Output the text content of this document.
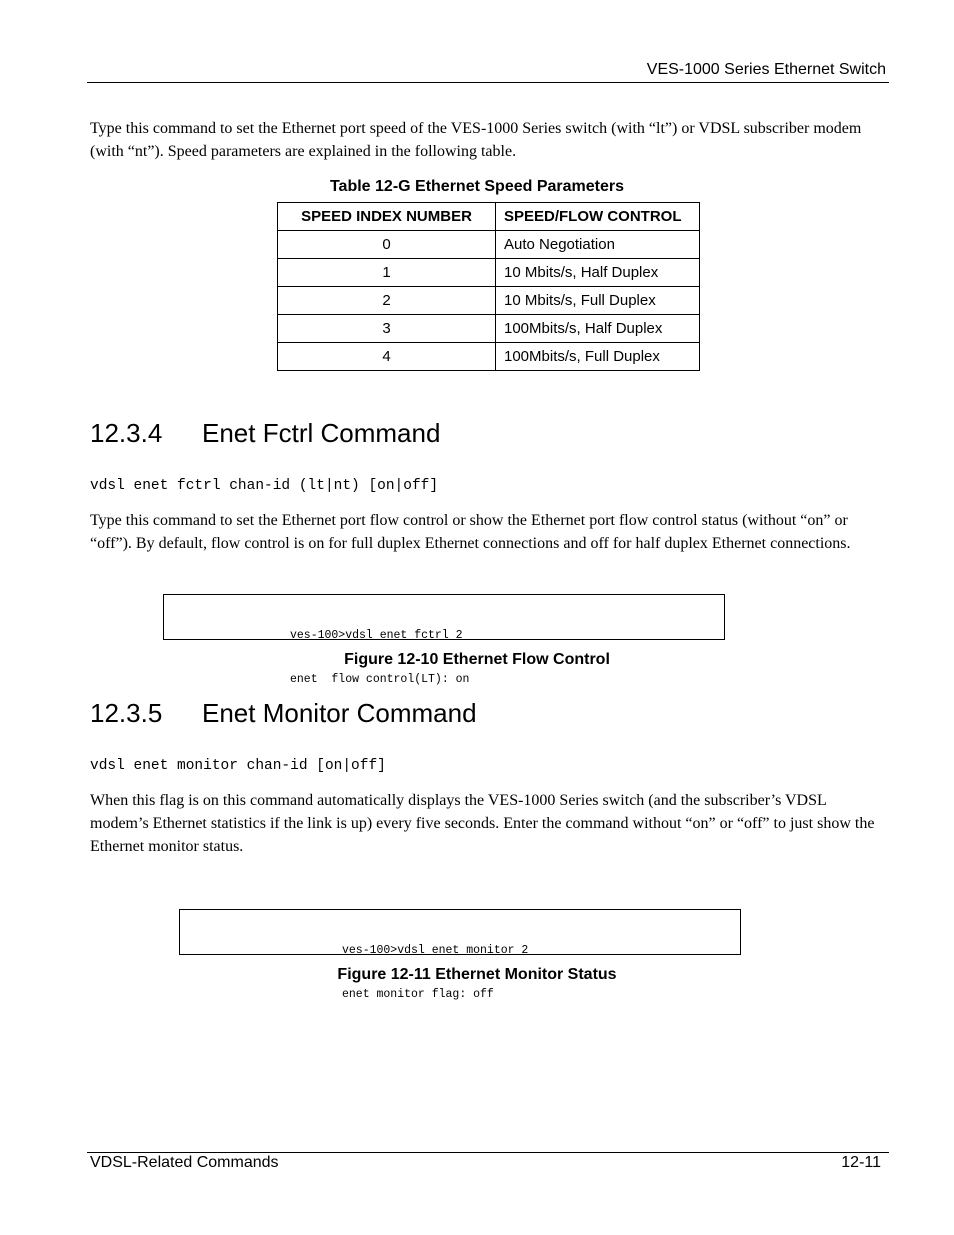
VES-1000 Series Ethernet Switch

Type this command to set the Ethernet port speed of the VES-1000 Series switch (with “lt”) or VDSL subscriber modem (with “nt”). Speed parameters are explained in the following table.

Table 12-G Ethernet Speed Parameters

SPEED INDEX NUMBER	SPEED/FLOW CONTROL
0	Auto Negotiation
1	10 Mbits/s, Half Duplex
2	10 Mbits/s, Full Duplex
3	100Mbits/s, Half Duplex
4	100Mbits/s, Full Duplex
12.3.4 Enet Fctrl Command

vdsl enet fctrl chan-id (lt|nt) [on|off]

Type this command to set the Ethernet port flow control or show the Ethernet port flow control status (without “on” or “off”). By default, flow control is on for full duplex Ethernet connections and off for half duplex Ethernet connections.

ves-100>vdsl enet fctrl 2

enet  flow control(LT): on

Figure 12-10 Ethernet Flow Control

12.3.5 Enet Monitor Command

vdsl enet monitor chan-id [on|off]

When this flag is on this command automatically displays the VES-1000 Series switch (and the subscriber’s VDSL modem’s Ethernet statistics if the link is up) every five seconds. Enter the command without “on” or “off” to just show the Ethernet monitor status.

ves-100>vdsl enet monitor 2

enet monitor flag: off

Figure 12-11 Ethernet Monitor Status

VDSL-Related Commands	12-11
